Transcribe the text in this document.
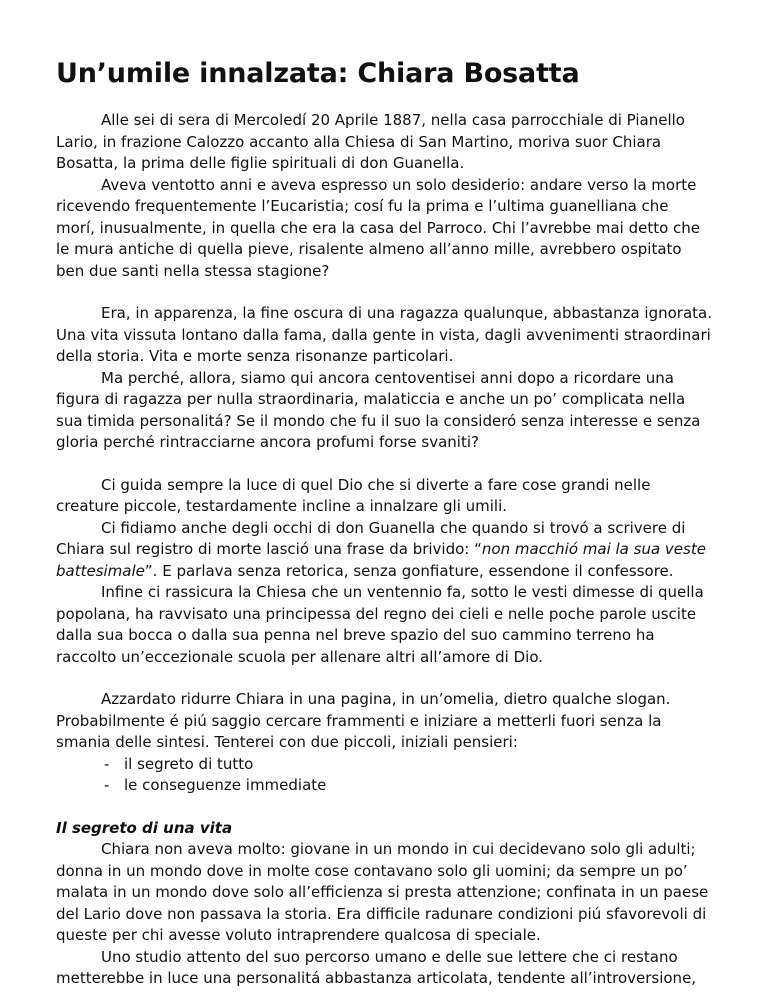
Un’umile innalzata: Chiara Bosatta

Alle sei di sera di Mercoledí 20 Aprile 1887, nella casa parrocchiale di Pianello Lario, in frazione Calozzo accanto alla Chiesa di San Martino, moriva suor Chiara Bosatta, la prima delle figlie spirituali di don Guanella.

Aveva ventotto anni e aveva espresso un solo desiderio: andare verso la morte ricevendo frequentemente l’Eucaristia; cosí fu la prima e l’ultima guanelliana che morí, inusualmente, in quella che era la casa del Parroco. Chi l’avrebbe mai detto che le mura antiche di quella pieve, risalente almeno all’anno mille, avrebbero ospitato ben due santi nella stessa stagione?

Era, in apparenza, la fine oscura di una ragazza qualunque, abbastanza ignorata. Una vita vissuta lontano dalla fama, dalla gente in vista, dagli avvenimenti straordinari della storia. Vita e morte senza risonanze particolari.

Ma perché, allora, siamo qui ancora centoventisei anni dopo a ricordare una figura di ragazza per nulla straordinaria, malaticcia e anche un po’ complicata nella sua timida personalitá? Se il mondo che fu il suo la consideró senza interesse e senza gloria perché rintracciarne ancora profumi forse svaniti?

Ci guida sempre la luce di quel Dio che si diverte a fare cose grandi nelle creature piccole, testardamente incline a innalzare gli umili.

Ci fidiamo anche degli occhi di don Guanella che quando si trovó a scrivere di Chiara sul registro di morte lasció una frase da brivido: “non macchió mai la sua veste battesimale”. E parlava senza retorica, senza gonfiature, essendone il confessore.

Infine ci rassicura la Chiesa che un ventennio fa, sotto le vesti dimesse di quella popolana, ha ravvisato una principessa del regno dei cieli e nelle poche parole uscite dalla sua bocca o dalla sua penna nel breve spazio del suo cammino terreno ha raccolto un’eccezionale scuola per allenare altri all’amore di Dio.

Azzardato ridurre Chiara in una pagina, in un’omelia, dietro qualche slogan. Probabilmente é piú saggio cercare frammenti e iniziare a metterli fuori senza la smania delle sintesi. Tenterei con due piccoli, iniziali pensieri:

- il segreto di tutto
- le conseguenze immediate

Il segreto di una vita

Chiara non aveva molto: giovane in un mondo in cui decidevano solo gli adulti; donna in un mondo dove in molte cose contavano solo gli uomini; da sempre un po’ malata in un mondo dove solo all’efficienza si presta attenzione; confinata in un paese del Lario dove non passava la storia. Era difficile radunare condizioni piú sfavorevoli di queste per chi avesse voluto intraprendere qualcosa di speciale.

Uno studio attento del suo percorso umano e delle sue lettere che ci restano metterebbe in luce una personalitá abbastanza articolata, tendente all’introversione,
